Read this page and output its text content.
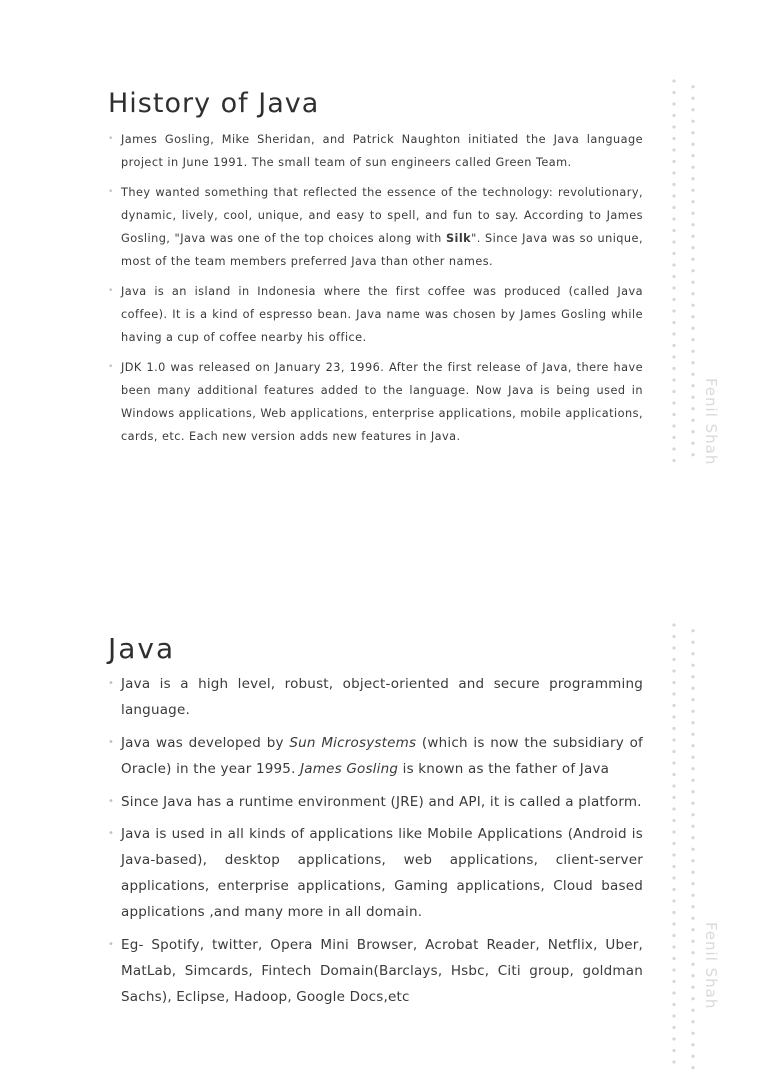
History of Java
• James Gosling, Mike Sheridan, and Patrick Naughton initiated the Java language project in June 1991. The small team of sun engineers called Green Team.
• They wanted something that reflected the essence of the technology: revolutionary, dynamic, lively, cool, unique, and easy to spell, and fun to say. According to James Gosling, "Java was one of the top choices along with Silk". Since Java was so unique, most of the team members preferred Java than other names.
• Java is an island in Indonesia where the first coffee was produced (called Java coffee). It is a kind of espresso bean. Java name was chosen by James Gosling while having a cup of coffee nearby his office.
• JDK 1.0 was released on January 23, 1996. After the first release of Java, there have been many additional features added to the language. Now Java is being used in Windows applications, Web applications, enterprise applications, mobile applications, cards, etc. Each new version adds new features in Java.	Fenil Shah
Java
• Java is a high level, robust, object-oriented and secure programming language.
• Java was developed by Sun Microsystems (which is now the subsidiary of Oracle) in the year 1995. James Gosling is known as the father of Java
• Since Java has a runtime environment (JRE) and API, it is called a platform.
• Java is used in all kinds of applications like Mobile Applications (Android is Java-based), desktop applications, web applications, client-server applications, enterprise applications, Gaming applications, Cloud based applications ,and many more in all domain.
• Eg- Spotify, twitter, Opera Mini Browser, Acrobat Reader, Netflix, Uber, MatLab, Simcards, Fintech Domain(Barclays, Hsbc, Citi group, goldman Sachs), Eclipse, Hadoop, Google Docs,etc	Fenil Shah
